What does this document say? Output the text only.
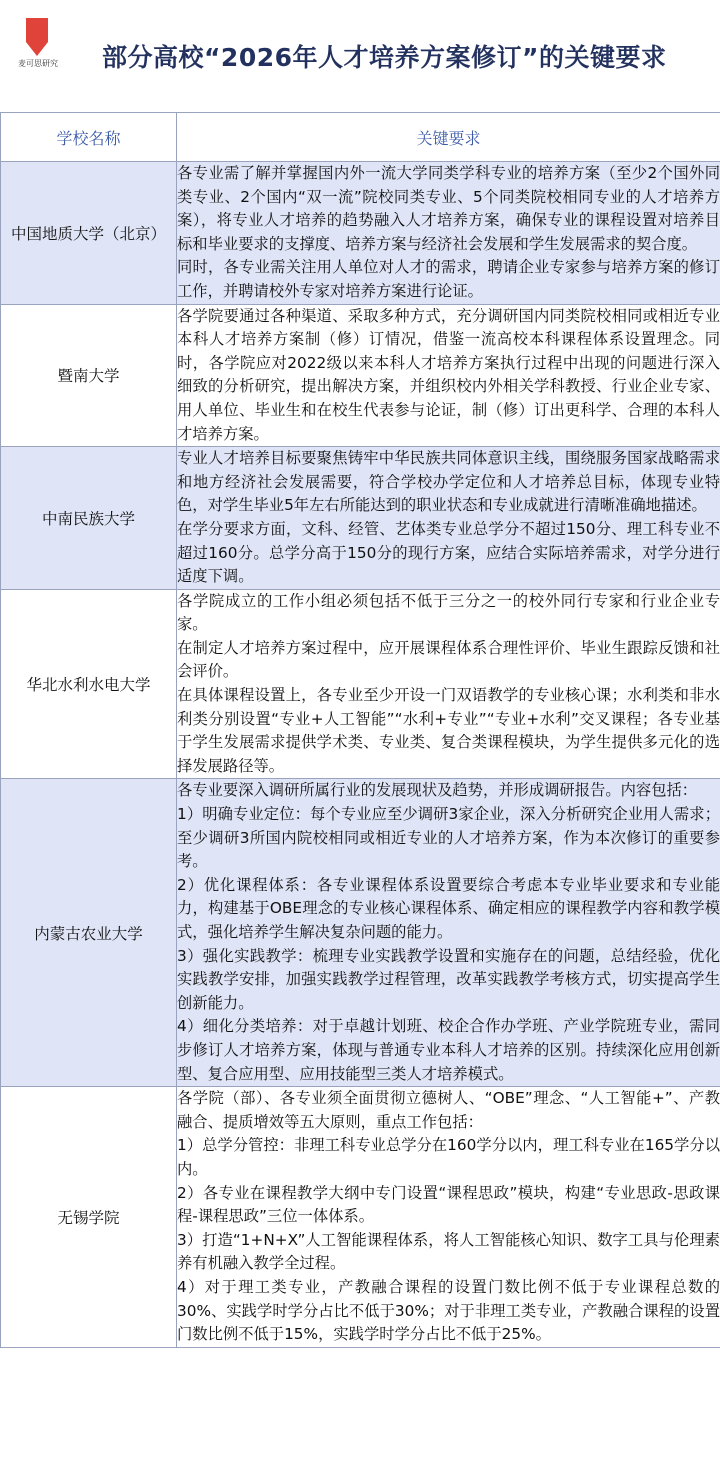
麦可思研究 部分高校“2026年人才培养方案修订”的关键要求
学校名称	关键要求
中国地质大学（北京）	各专业需了解并掌握国内外一流大学同类学科专业的培养方案（至少2个国外同类专业、2个国内“双一流”院校同类专业、5个同类院校相同专业的人才培养方案），将专业人才培养的趋势融入人才培养方案，确保专业的课程设置对培养目标和毕业要求的支撑度、培养方案与经济社会发展和学生发展需求的契合度。
同时，各专业需关注用人单位对人才的需求，聘请企业专家参与培养方案的修订工作，并聘请校外专家对培养方案进行论证。

暨南大学	各学院要通过各种渠道、采取多种方式，充分调研国内同类院校相同或相近专业本科人才培养方案制（修）订情况，借鉴一流高校本科课程体系设置理念。同时，各学院应对2022级以来本科人才培养方案执行过程中出现的问题进行深入细致的分析研究，提出解决方案，并组织校内外相关学科教授、行业企业专家、用人单位、毕业生和在校生代表参与论证，制（修）订出更科学、合理的本科人才培养方案。

中南民族大学	专业人才培养目标要聚焦铸牢中华民族共同体意识主线，围绕服务国家战略需求和地方经济社会发展需要，符合学校办学定位和人才培养总目标，体现专业特色，对学生毕业5年左右所能达到的职业状态和专业成就进行清晰准确地描述。
在学分要求方面，文科、经管、艺体类专业总学分不超过150分、理工科专业不超过160分。总学分高于150分的现行方案，应结合实际培养需求，对学分进行适度下调。

华北水利水电大学	各学院成立的工作小组必须包括不低于三分之一的校外同行专家和行业企业专家。
在制定人才培养方案过程中，应开展课程体系合理性评价、毕业生跟踪反馈和社会评价。
在具体课程设置上，各专业至少开设一门双语教学的专业核心课；水利类和非水利类分别设置“专业+人工智能”“水利+专业”“专业+水利”交叉课程；各专业基于学生发展需求提供学术类、专业类、复合类课程模块，为学生提供多元化的选择发展路径等。

内蒙古农业大学	各专业要深入调研所属行业的发展现状及趋势，并形成调研报告。内容包括：
1）明确专业定位：每个专业应至少调研3家企业，深入分析研究企业用人需求；至少调研3所国内院校相同或相近专业的人才培养方案，作为本次修订的重要参考。
2）优化课程体系：各专业课程体系设置要综合考虑本专业毕业要求和专业能力，构建基于OBE理念的专业核心课程体系、确定相应的课程教学内容和教学模式，强化培养学生解决复杂问题的能力。
3）强化实践教学：梳理专业实践教学设置和实施存在的问题，总结经验，优化实践教学安排，加强实践教学过程管理，改革实践教学考核方式，切实提高学生创新能力。
4）细化分类培养：对于卓越计划班、校企合作办学班、产业学院班专业，需同步修订人才培养方案，体现与普通专业本科人才培养的区别。持续深化应用创新型、复合应用型、应用技能型三类人才培养模式。

无锡学院	各学院（部）、各专业须全面贯彻立德树人、“OBE”理念、“人工智能+”、产教融合、提质增效等五大原则，重点工作包括：
1）总学分管控：非理工科专业总学分在160学分以内，理工科专业在165学分以内。
2）各专业在课程教学大纲中专门设置“课程思政”模块，构建“专业思政-思政课程-课程思政”三位一体体系。
3）打造“1+N+X”人工智能课程体系，将人工智能核心知识、数字工具与伦理素养有机融入教学全过程。
4）对于理工类专业，产教融合课程的设置门数比例不低于专业课程总数的30%、实践学时学分占比不低于30%；对于非理工类专业，产教融合课程的设置门数比例不低于15%，实践学时学分占比不低于25%。
